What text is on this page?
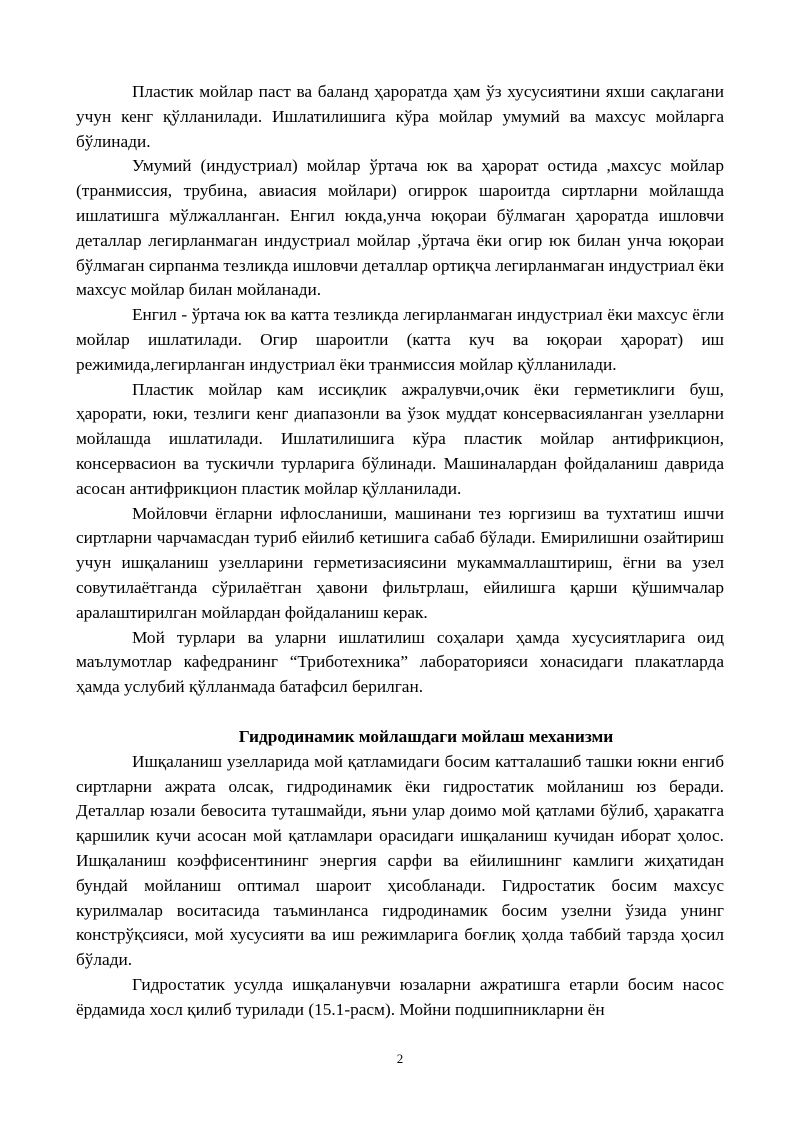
Пластик мойлар паст ва баланд ҳароратда ҳам ўз хусусиятини яхши сақлагани учун кенг қўлланилади. Ишлатилишига кўра мойлар умумий ва махсус мойларга бўлинади.

Умумий (индустриал) мойлар ўртача юк ва ҳарорат остида ,махсус мойлар (транмиссия, трубина, авиасия мойлари) огиррок шароитда сиртларни мойлашда ишлатишга мўлжалланган. Енгил юкда,унча юқораи бўлмаган ҳароратда ишловчи деталлар легирланмаган индустриал мойлар ,ўртача ёки огир юк билан унча юқораи бўлмаган сирпанма тезликда ишловчи деталлар ортиқча легирланмаган индустриал ёки махсус мойлар билан мойланади.

Енгил - ўртача юк ва катта тезликда легирланмаган индустриал ёки махсус ёгли мойлар ишлатилади. Огир шароитли (катта куч ва юқораи ҳарорат) иш режимида,легирланган индустриал ёки транмиссия мойлар қўлланилади.

Пластик мойлар кам иссиқлик ажралувчи,очик ёки герметиклиги буш, ҳарорати, юки, тезлиги кенг диапазонли ва ўзок муддат консервасияланган узелларни мойлашда ишлатилади. Ишлатилишига кўра пластик мойлар антифрикцион, консервасион ва тускичли турларига бўлинади. Машиналардан фойдаланиш даврида асосан антифрикцион пластик мойлар қўлланилади.

Мойловчи ёгларни ифлосланиши, машинани тез юргизиш ва тухтатиш ишчи сиртларни чарчамасдан туриб ейилиб кетишига сабаб бўлади. Емирилишни озайтириш учун ишқаланиш узелларини герметизасиясини мукаммаллаштириш, ёгни ва узел совутилаётганда сўрилаётган ҳавони фильтрлаш, ейилишга қарши қўшимчалар аралаштирилган мойлардан фойдаланиш керак.

Мой турлари ва уларни ишлатилиш соҳалари ҳамда хусусиятларига оид маълумотлар кафедранинг “Триботехника” лабораторияси хонасидаги плакатларда ҳамда услубий қўлланмада батафсил берилган.

Гидродинамик мойлашдаги мойлаш механизми

Ишқаланиш узелларида мой қатламидаги босим катталашиб ташки юкни енгиб сиртларни ажрата олсак, гидродинамик ёки гидростатик мойланиш юз беради. Деталлар юзали бевосита туташмайди, яъни улар доимо мой қатлами бўлиб, ҳаракатга қаршилик кучи асосан мой қатламлари орасидаги ишқаланиш кучидан иборат ҳолос. Ишқаланиш коэффисентининг энергия сарфи ва ейилишнинг камлиги жиҳатидан бундай мойланиш оптимал шароит ҳисобланади. Гидростатик босим махсус курилмалар воситасида таъминланса гидродинамик босим узелни ўзида унинг констрўқсияси, мой хусусияти ва иш режимларига боғлиқ ҳолда таббий тарзда ҳосил бўлади.

Гидростатик усулда ишқаланувчи юзаларни ажратишга етарли босим насос ёрдамида хосл қилиб турилади (15.1-расм). Мойни подшипникларни ён

2
